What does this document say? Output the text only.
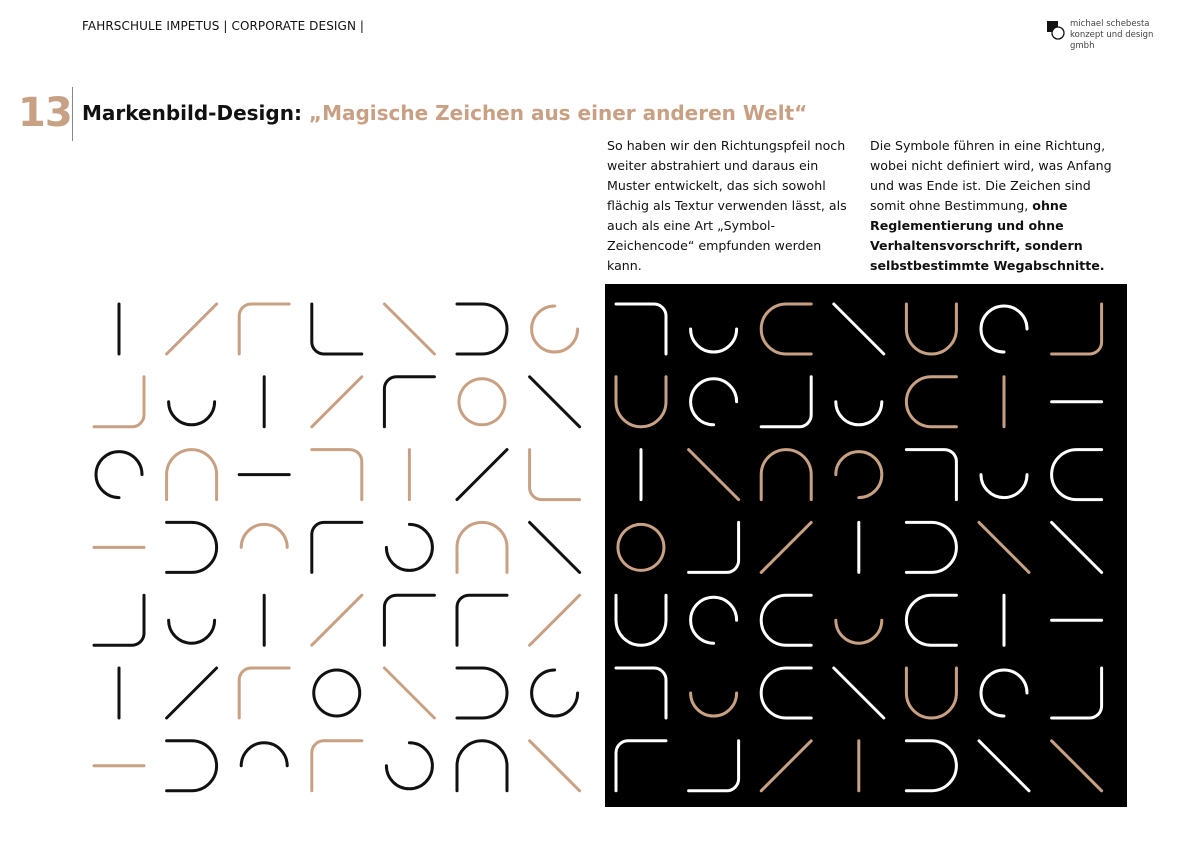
FAHRSCHULE IMPETUS | CORPORATE DESIGN |	michael schebesta
konzept und design gmbh
13 Markenbild-Design: „Magische Zeichen aus einer anderen Welt“
So haben wir den Richtungspfeil noch weiter abstrahiert und daraus ein Muster entwickelt, das sich sowohl flächig als Textur verwenden lässt, als auch als eine Art „Symbol-Zeichencode“ empfunden werden kann.
Die Symbole führen in eine Richtung, wobei nicht definiert wird, was Anfang und was Ende ist. Die Zeichen sind somit ohne Bestimmung, ohne Reglementierung und ohne Verhaltensvorschrift, sondern selbstbestimmte Wegabschnitte.
